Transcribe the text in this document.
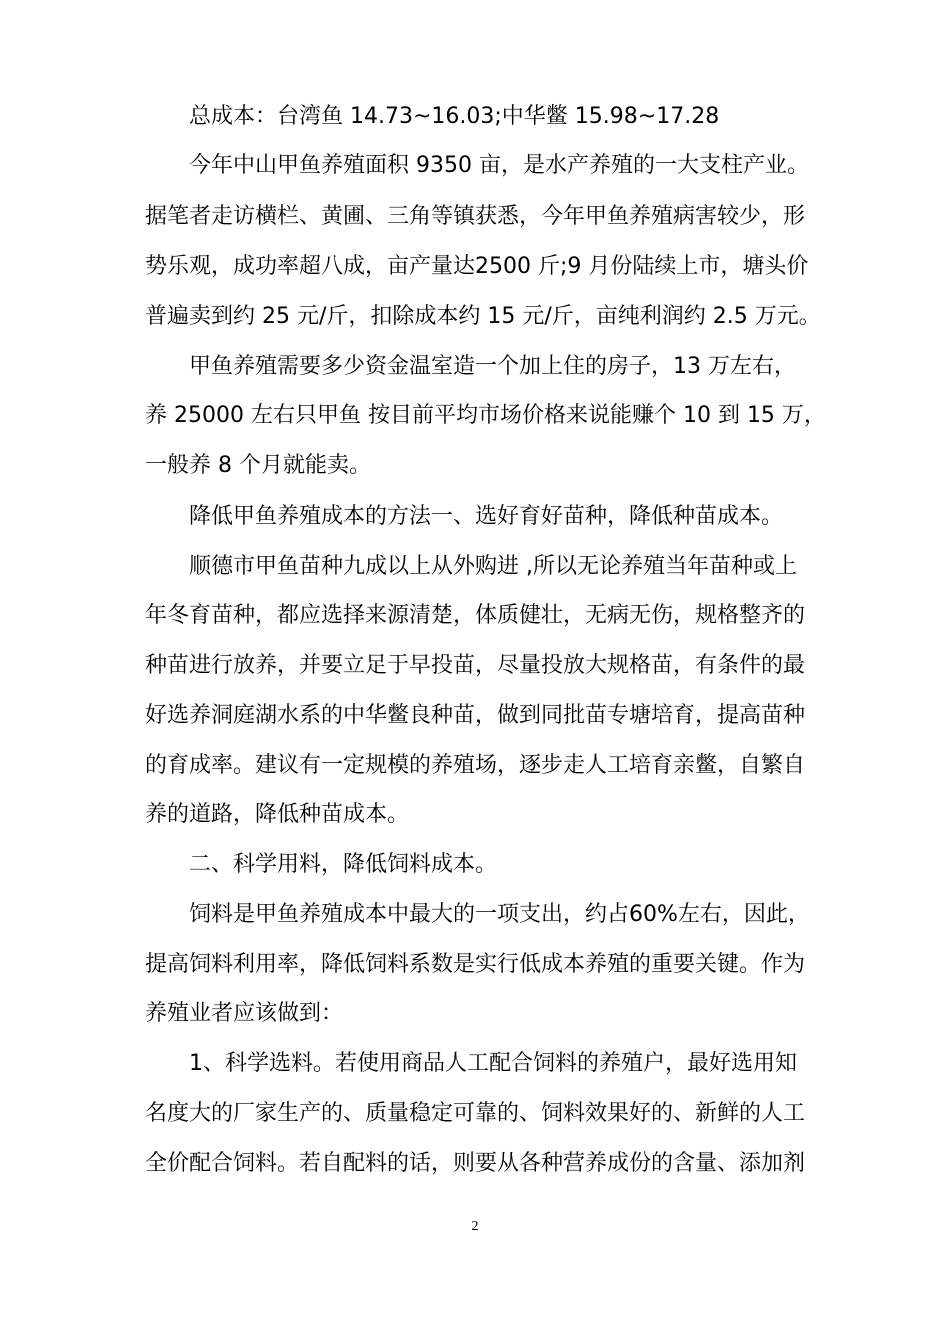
总成本：台湾鱼 14.73~16.03;中华鳖 15.98~17.28
今年中山甲鱼养殖面积 9350 亩，是水产养殖的一大支柱产业。
据笔者走访横栏、黄圃、三角等镇获悉，今年甲鱼养殖病害较少，形
势乐观，成功率超八成，亩产量达2500 斤;9 月份陆续上市，塘头价
普遍卖到约 25 元/斤，扣除成本约 15 元/斤，亩纯利润约 2.5 万元。
甲鱼养殖需要多少资金温室造一个加上住的房子，13 万左右，
养 25000 左右只甲鱼 按目前平均市场价格来说能赚个 10 到 15 万，
一般养 8 个月就能卖。
降低甲鱼养殖成本的方法一、选好育好苗种，降低种苗成本。
顺德市甲鱼苗种九成以上从外购进 ,所以无论养殖当年苗种或上
年冬育苗种，都应选择来源清楚，体质健壮，无病无伤，规格整齐的
种苗进行放养，并要立足于早投苗，尽量投放大规格苗，有条件的最
好选养洞庭湖水系的中华鳖良种苗，做到同批苗专塘培育，提高苗种
的育成率。建议有一定规模的养殖场，逐步走人工培育亲鳖，自繁自
养的道路，降低种苗成本。
二、科学用料，降低饲料成本。
饲料是甲鱼养殖成本中最大的一项支出，约占60%左右，因此，
提高饲料利用率，降低饲料系数是实行低成本养殖的重要关键。作为
养殖业者应该做到：
1、科学选料。若使用商品人工配合饲料的养殖户，最好选用知
名度大的厂家生产的、质量稳定可靠的、饲料效果好的、新鲜的人工
全价配合饲料。若自配料的话，则要从各种营养成份的含量、添加剂
2
